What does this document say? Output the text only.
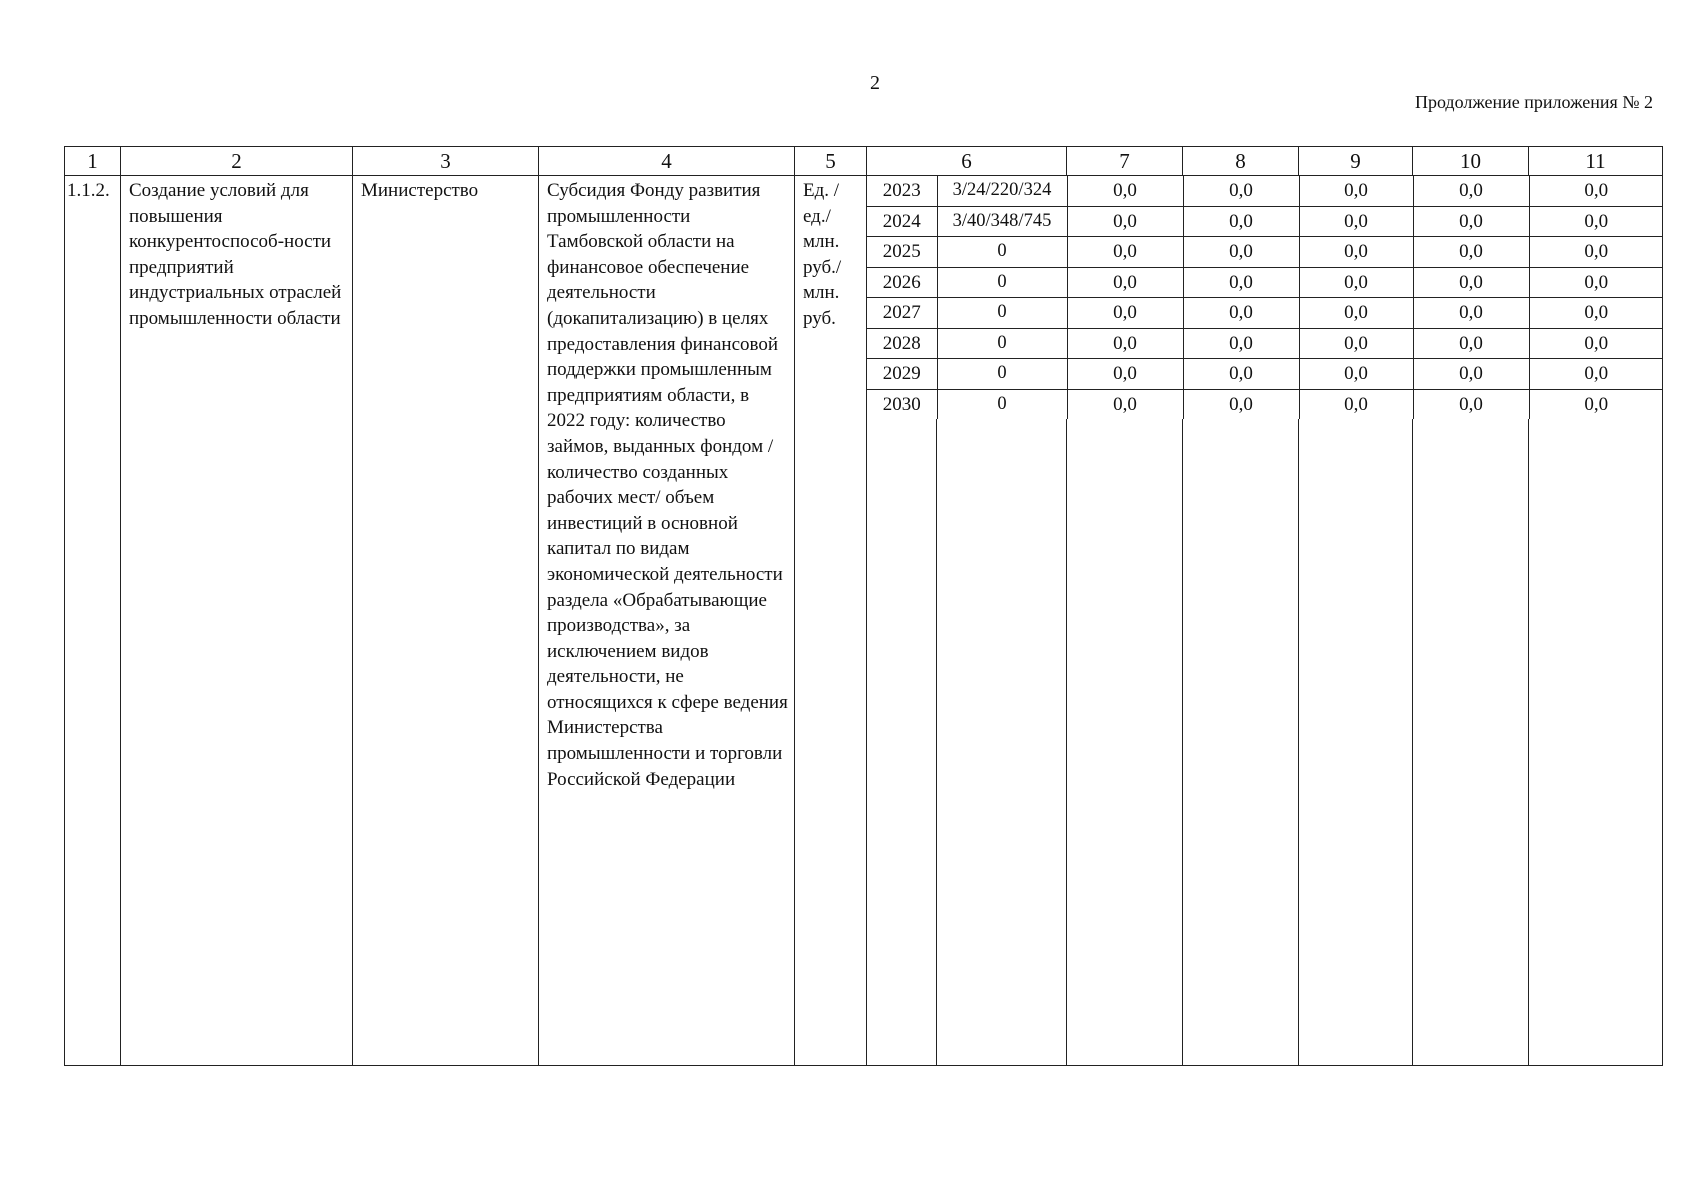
2
Продолжение приложения № 2
1	2	3	4	5	6	7	8	9	10	11
1.1.2.	Создание условий для повышения конкурентоспособ-ности предприятий индустриальных отраслей промышленности области	Министерство	Субсидия Фонду развития промышленности Тамбовской области на финансовое обеспечение деятельности (докапитализацию) в целях предоставления финансовой поддержки промышленным предприятиям области, в 2022 году: количество займов, выданных фондом / количество созданных рабочих мест/ объем инвестиций в основной капитал по видам экономической деятельности раздела «Обрабатывающие производства», за исключением видов деятельности, не относящихся к сфере ведения Министерства промышленности и торговли Российской Федерации	Ед. / ед./ млн. руб./ млн. руб.	
2023	3/24/220/324	0,0	0,0	0,0	0,0	0,0
2024	3/40/348/745	0,0	0,0	0,0	0,0	0,0
2025	0	0,0	0,0	0,0	0,0	0,0
2026	0	0,0	0,0	0,0	0,0	0,0
2027	0	0,0	0,0	0,0	0,0	0,0
2028	0	0,0	0,0	0,0	0,0	0,0
2029	0	0,0	0,0	0,0	0,0	0,0
2030	0	0,0	0,0	0,0	0,0	0,0
